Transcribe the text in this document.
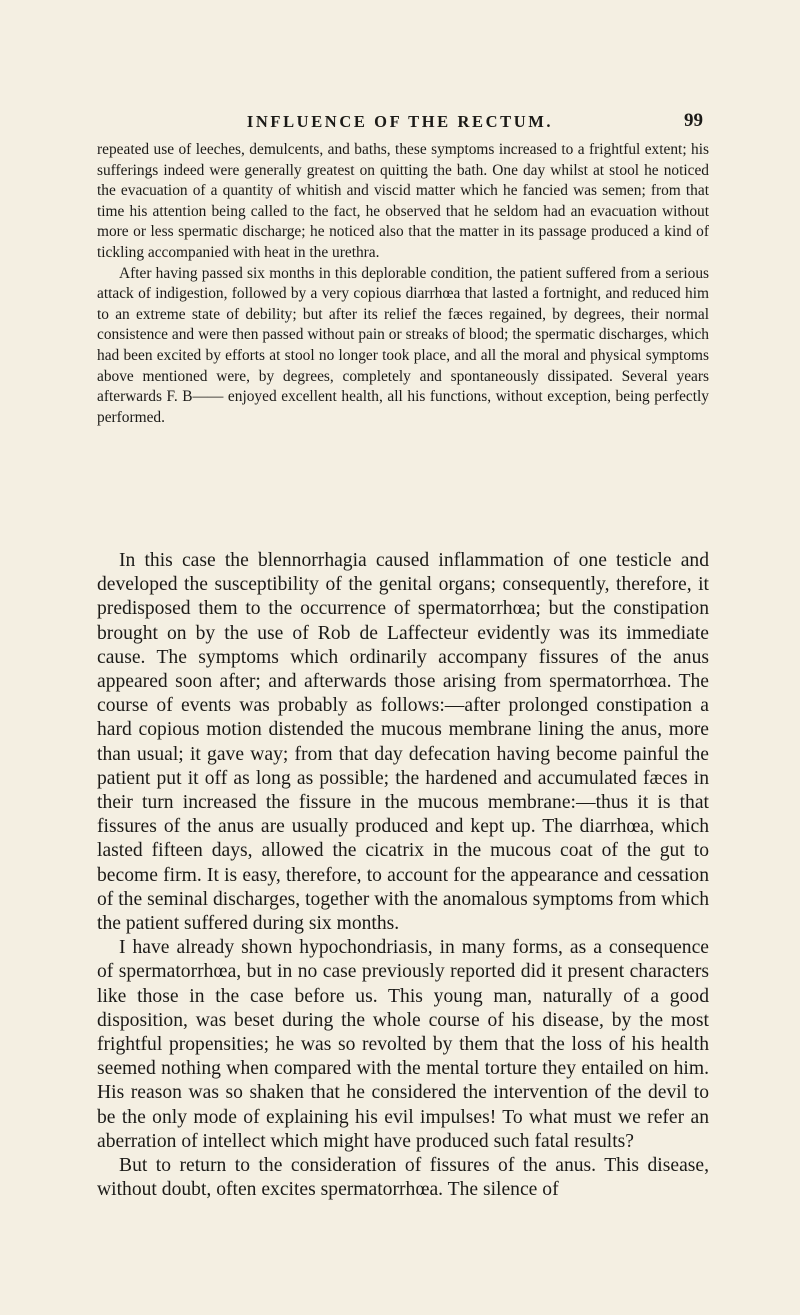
INFLUENCE OF THE RECTUM.	99

repeated use of leeches, demulcents, and baths, these symptoms increased to a frightful extent; his sufferings indeed were generally greatest on quitting the bath. One day whilst at stool he noticed the evacuation of a quantity of whitish and viscid matter which he fancied was semen; from that time his attention being called to the fact, he observed that he seldom had an evacuation without more or less spermatic discharge; he noticed also that the matter in its passage produced a kind of tickling accompanied with heat in the urethra.

After having passed six months in this deplorable condition, the patient suffered from a serious attack of indigestion, followed by a very copious diarrhœa that lasted a fortnight, and reduced him to an extreme state of debility; but after its relief the fæces regained, by degrees, their normal consistence and were then passed without pain or streaks of blood; the spermatic discharges, which had been excited by efforts at stool no longer took place, and all the moral and physical symptoms above mentioned were, by degrees, completely and spontaneously dissipated. Several years afterwards F. B—— enjoyed excellent health, all his functions, without exception, being perfectly performed.

In this case the blennorrhagia caused inflammation of one testicle and developed the susceptibility of the genital organs; consequently, therefore, it predisposed them to the occurrence of spermatorrhœa; but the constipation brought on by the use of Rob de Laffecteur evidently was its immediate cause. The symptoms which ordinarily accompany fissures of the anus appeared soon after; and afterwards those arising from spermatorrhœa. The course of events was probably as follows:—after prolonged constipation a hard copious motion distended the mucous membrane lining the anus, more than usual; it gave way; from that day defecation having become painful the patient put it off as long as possible; the hardened and accumulated fæces in their turn increased the fissure in the mucous membrane:—thus it is that fissures of the anus are usually produced and kept up. The diarrhœa, which lasted fifteen days, allowed the cicatrix in the mucous coat of the gut to become firm. It is easy, therefore, to account for the appearance and cessation of the seminal discharges, together with the anomalous symptoms from which the patient suffered during six months.

I have already shown hypochondriasis, in many forms, as a consequence of spermatorrhœa, but in no case previously reported did it present characters like those in the case before us. This young man, naturally of a good disposition, was beset during the whole course of his disease, by the most frightful propensities; he was so revolted by them that the loss of his health seemed nothing when compared with the mental torture they entailed on him. His reason was so shaken that he considered the intervention of the devil to be the only mode of explaining his evil impulses! To what must we refer an aberration of intellect which might have produced such fatal results?

But to return to the consideration of fissures of the anus. This disease, without doubt, often excites spermatorrhœa. The silence of
